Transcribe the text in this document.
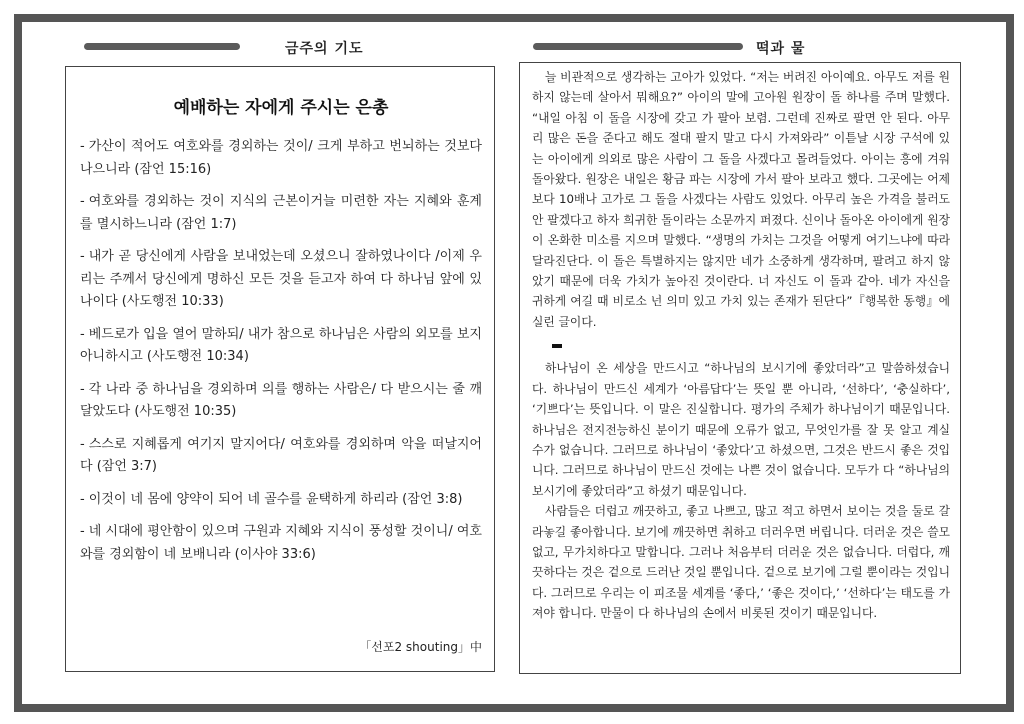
금주의 기도	떡과 물
예배하는 자에게 주시는 은총

- 가산이 적어도 여호와를 경외하는 것이/ 크게 부하고 번뇌하는 것보다 나으니라 (잠언 15:16)

- 여호와를 경외하는 것이 지식의 근본이거늘 미련한 자는 지혜와 훈계를 멸시하느니라 (잠언 1:7)

- 내가 곧 당신에게 사람을 보내었는데 오셨으니 잘하였나이다 /이제 우리는 주께서 당신에게 명하신 모든 것을 듣고자 하여 다 하나님 앞에 있나이다 (사도행전 10:33)

- 베드로가 입을 열어 말하되/ 내가 참으로 하나님은 사람의 외모를 보지 아니하시고 (사도행전 10:34)

- 각 나라 중 하나님을 경외하며 의를 행하는 사람은/ 다 받으시는 줄 깨달았도다 (사도행전 10:35)

- 스스로 지혜롭게 여기지 말지어다/ 여호와를 경외하며 악을 떠날지어다 (잠언 3:7)

- 이것이 네 몸에 양약이 되어 네 골수를 윤택하게 하리라 (잠언 3:8)

- 네 시대에 평안함이 있으며 구원과 지혜와 지식이 풍성할 것이니/ 여호와를 경외함이 네 보배니라 (이사야 33:6)

「선포2 shouting」中

늘 비관적으로 생각하는 고아가 있었다. “저는 버려진 아이예요. 아무도 저를 원하지 않는데 살아서 뭐해요?” 아이의 말에 고아원 원장이 돌 하나를 주며 말했다. “내일 아침 이 돌을 시장에 갖고 가 팔아 보렴. 그런데 진짜로 팔면 안 된다. 아무리 많은 돈을 준다고 해도 절대 팔지 말고 다시 가져와라” 이튿날 시장 구석에 있는 아이에게 의외로 많은 사람이 그 돌을 사겠다고 몰려들었다. 아이는 흥에 겨워 돌아왔다. 원장은 내일은 황금 파는 시장에 가서 팔아 보라고 했다. 그곳에는 어제보다 10배나 고가로 그 돌을 사겠다는 사람도 있었다. 아무리 높은 가격을 불러도 안 팔겠다고 하자 희귀한 돌이라는 소문까지 퍼졌다. 신이나 돌아온 아이에게 원장이 온화한 미소를 지으며 말했다. “생명의 가치는 그것을 어떻게 여기느냐에 따라 달라진단다. 이 돌은 특별하지는 않지만 네가 소중하게 생각하며, 팔려고 하지 않았기 때문에 더욱 가치가 높아진 것이란다. 너 자신도 이 돌과 같아. 네가 자신을 귀하게 여길 때 비로소 넌 의미 있고 가치 있는 존재가 된단다”『행복한 동행』에 실린 글이다.

하나님이 온 세상을 만드시고 “하나님의 보시기에 좋았더라”고 말씀하셨습니다. 하나님이 만드신 세계가 ‘아름답다’는 뜻일 뿐 아니라, ‘선하다’, ‘충실하다’, ‘기쁘다’는 뜻입니다. 이 말은 진실합니다. 평가의 주체가 하나님이기 때문입니다. 하나님은 전지전능하신 분이기 때문에 오류가 없고, 무엇인가를 잘 못 알고 계실 수가 없습니다. 그러므로 하나님이 ‘좋았다’고 하셨으면, 그것은 반드시 좋은 것입니다. 그러므로 하나님이 만드신 것에는 나쁜 것이 없습니다. 모두가 다 “하나님의 보시기에 좋았더라”고 하셨기 때문입니다.

사람들은 더럽고 깨끗하고, 좋고 나쁘고, 많고 적고 하면서 보이는 것을 둘로 갈라놓길 좋아합니다. 보기에 깨끗하면 취하고 더러우면 버립니다. 더러운 것은 쓸모없고, 무가치하다고 말합니다. 그러나 처음부터 더러운 것은 없습니다. 더럽다, 깨끗하다는 것은 겉으로 드러난 것일 뿐입니다. 겉으로 보기에 그럴 뿐이라는 것입니다. 그러므로 우리는 이 피조물 세계를 ‘좋다,’ ‘좋은 것이다,’ ‘선하다’는 태도를 가져야 합니다. 만물이 다 하나님의 손에서 비롯된 것이기 때문입니다.
